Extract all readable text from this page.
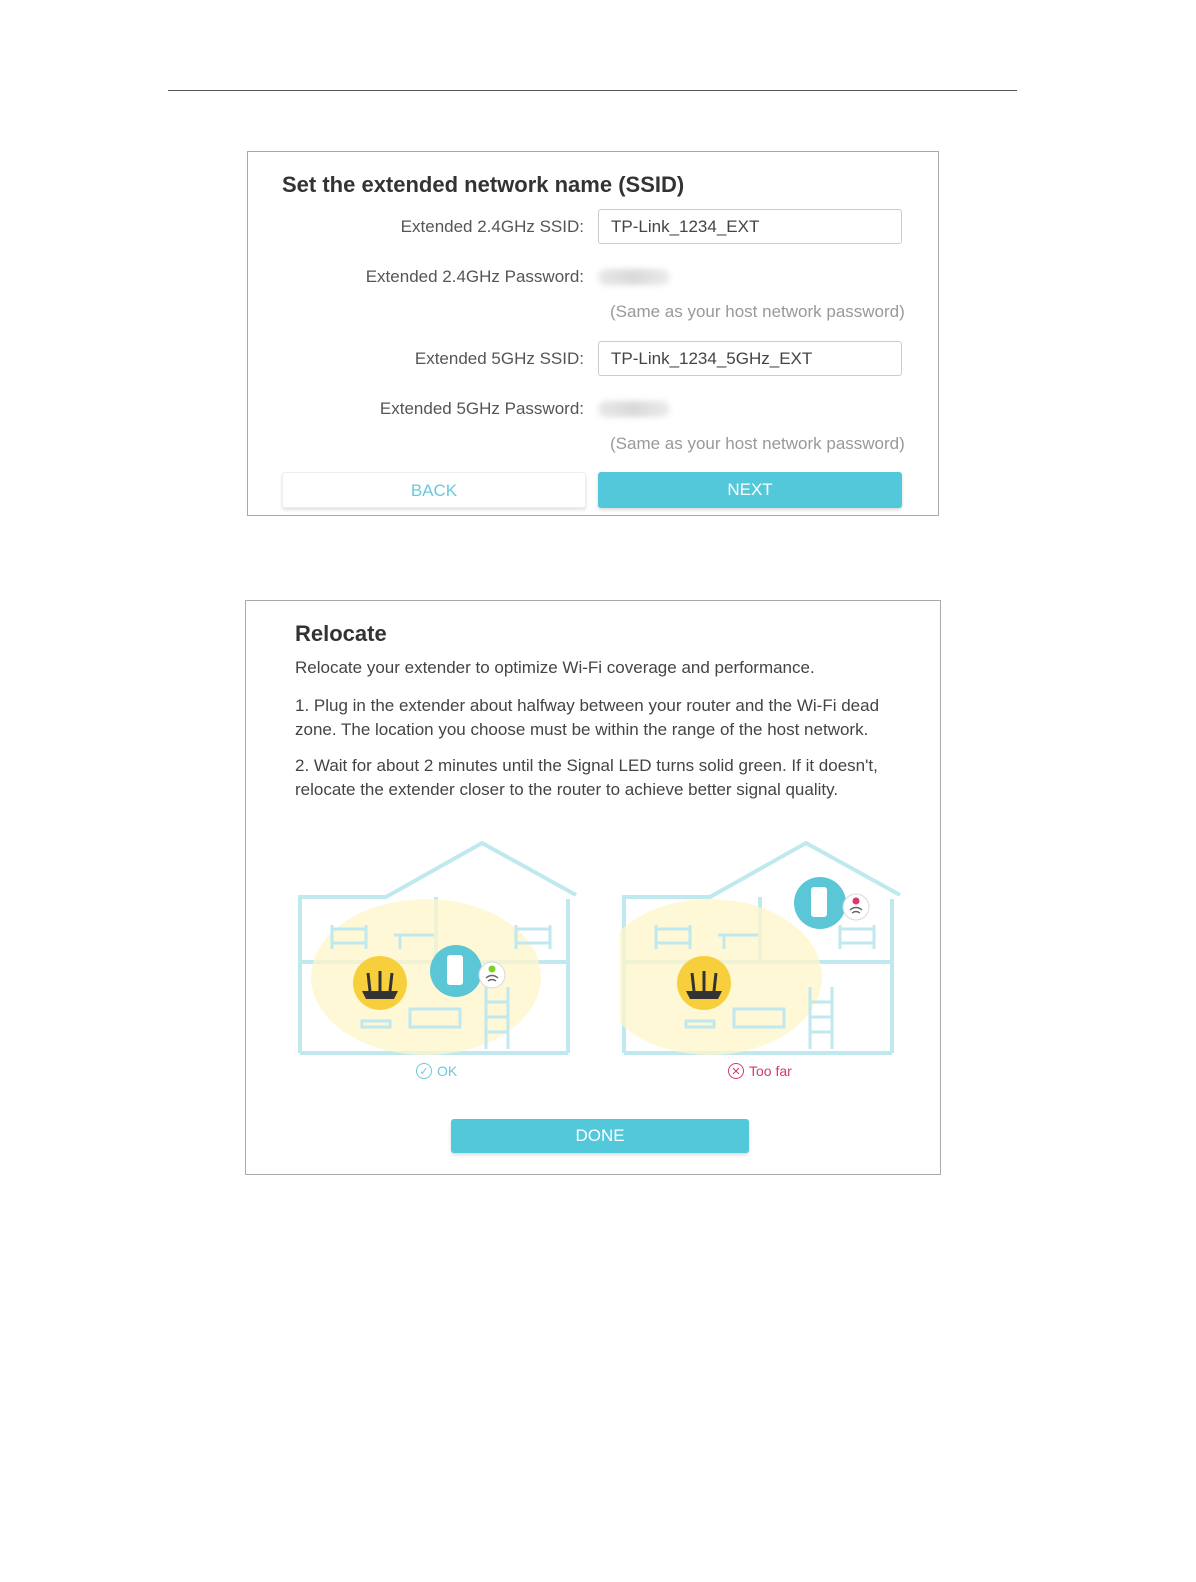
Set the extended network name (SSID)
Extended 2.4GHz SSID:
TP-Link_1234_EXT
Extended 2.4GHz Password:
(Same as your host network password)
Extended 5GHz SSID:
TP-Link_1234_5GHz_EXT
Extended 5GHz Password:
(Same as your host network password)
BACK	NEXT
Relocate
Relocate your extender to optimize Wi-Fi coverage and performance.
1. Plug in the extender about halfway between your router and the Wi-Fi dead zone. The location you choose must be within the range of the host network.
2. Wait for about 2 minutes until the Signal LED turns solid green. If it doesn't, relocate the extender closer to the router to achieve better signal quality.
✓ OK	✕ Too far
DONE
